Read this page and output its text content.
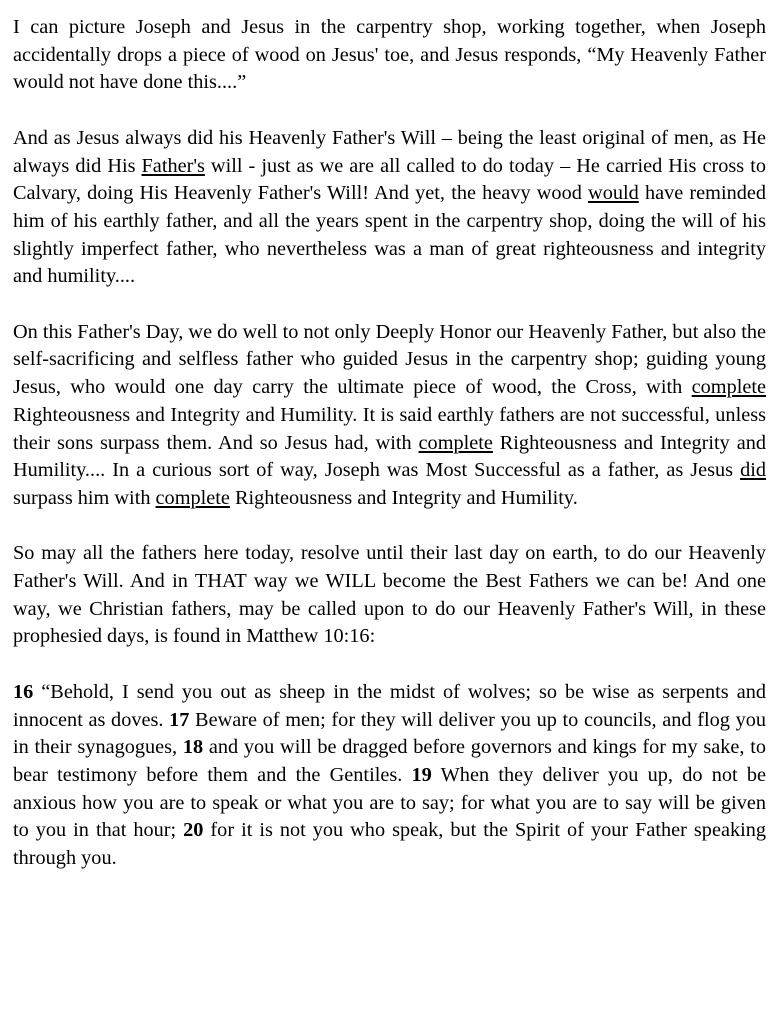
I can picture Joseph and Jesus in the carpentry shop, working together, when Joseph accidentally drops a piece of wood on Jesus' toe, and Jesus responds, “My Heavenly Father would not have done this....”

And as Jesus always did his Heavenly Father's Will – being the least original of men, as He always did His Father's will - just as we are all called to do today – He carried His cross to Calvary, doing His Heavenly Father's Will! And yet, the heavy wood would have reminded him of his earthly father, and all the years spent in the carpentry shop, doing the will of his slightly imperfect father, who nevertheless was a man of great righteousness and integrity and humility....

On this Father's Day, we do well to not only Deeply Honor our Heavenly Father, but also the self-sacrificing and selfless father who guided Jesus in the carpentry shop; guiding young Jesus, who would one day carry the ultimate piece of wood, the Cross, with complete Righteousness and Integrity and Humility. It is said earthly fathers are not successful, unless their sons surpass them. And so Jesus had, with complete Righteousness and Integrity and Humility.... In a curious sort of way, Joseph was Most Successful as a father, as Jesus did surpass him with complete Righteousness and Integrity and Humility.

So may all the fathers here today, resolve until their last day on earth, to do our Heavenly Father's Will. And in THAT way we WILL become the Best Fathers we can be! And one way, we Christian fathers, may be called upon to do our Heavenly Father's Will, in these prophesied days, is found in Matthew 10:16:

16 “Behold, I send you out as sheep in the midst of wolves; so be wise as serpents and innocent as doves. 17 Beware of men; for they will deliver you up to councils, and flog you in their synagogues, 18 and you will be dragged before governors and kings for my sake, to bear testimony before them and the Gentiles. 19 When they deliver you up, do not be anxious how you are to speak or what you are to say; for what you are to say will be given to you in that hour; 20 for it is not you who speak, but the Spirit of your Father speaking through you.
